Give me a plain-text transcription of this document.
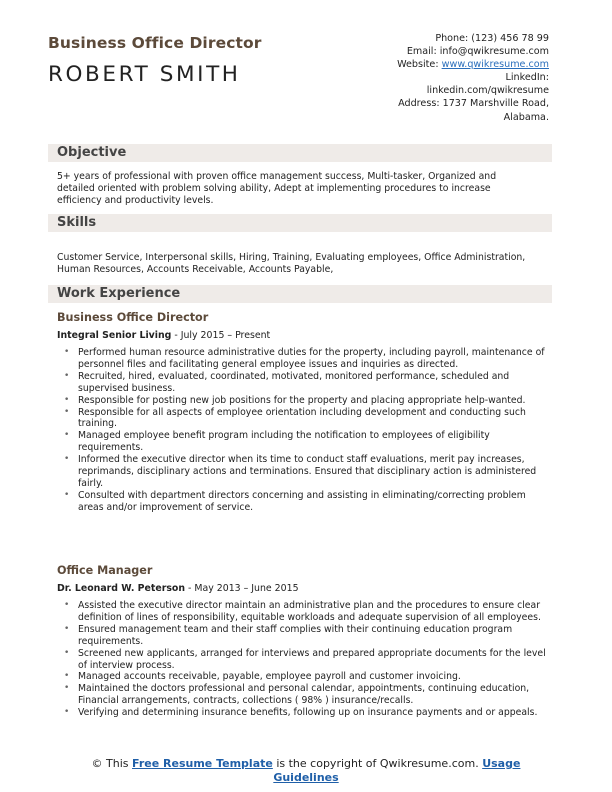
Business Office Director
ROBERT SMITH
Phone: (123) 456 78 99
Email: info@qwikresume.com
Website: www.qwikresume.com
LinkedIn:
linkedin.com/qwikresume
Address: 1737 Marshville Road,
Alabama.
Objective
5+ years of professional with proven office management success, Multi-tasker, Organized and detailed oriented with problem solving ability, Adept at implementing procedures to increase efficiency and productivity levels.
Skills
Customer Service, Interpersonal skills, Hiring, Training, Evaluating employees, Office Administration, Human Resources, Accounts Receivable, Accounts Payable,
Work Experience
Business Office Director
Integral Senior Living - July 2015 – Present
• Performed human resource administrative duties for the property, including payroll, maintenance of personnel files and facilitating general employee issues and inquiries as directed.
• Recruited, hired, evaluated, coordinated, motivated, monitored performance, scheduled and supervised business.
• Responsible for posting new job positions for the property and placing appropriate help-wanted.
• Responsible for all aspects of employee orientation including development and conducting such training.
• Managed employee benefit program including the notification to employees of eligibility requirements.
• Informed the executive director when its time to conduct staff evaluations, merit pay increases, reprimands, disciplinary actions and terminations. Ensured that disciplinary action is administered fairly.
• Consulted with department directors concerning and assisting in eliminating/correcting problem areas and/or improvement of service.
Office Manager
Dr. Leonard W. Peterson - May 2013 – June 2015
• Assisted the executive director maintain an administrative plan and the procedures to ensure clear definition of lines of responsibility, equitable workloads and adequate supervision of all employees.
• Ensured management team and their staff complies with their continuing education program requirements.
• Screened new applicants, arranged for interviews and prepared appropriate documents for the level of interview process.
• Managed accounts receivable, payable, employee payroll and customer invoicing.
• Maintained the doctors professional and personal calendar, appointments, continuing education, Financial arrangements, contracts, collections ( 98% ) insurance/recalls.
• Verifying and determining insurance benefits, following up on insurance payments and or appeals.
© This Free Resume Template is the copyright of Qwikresume.com. Usage Guidelines
